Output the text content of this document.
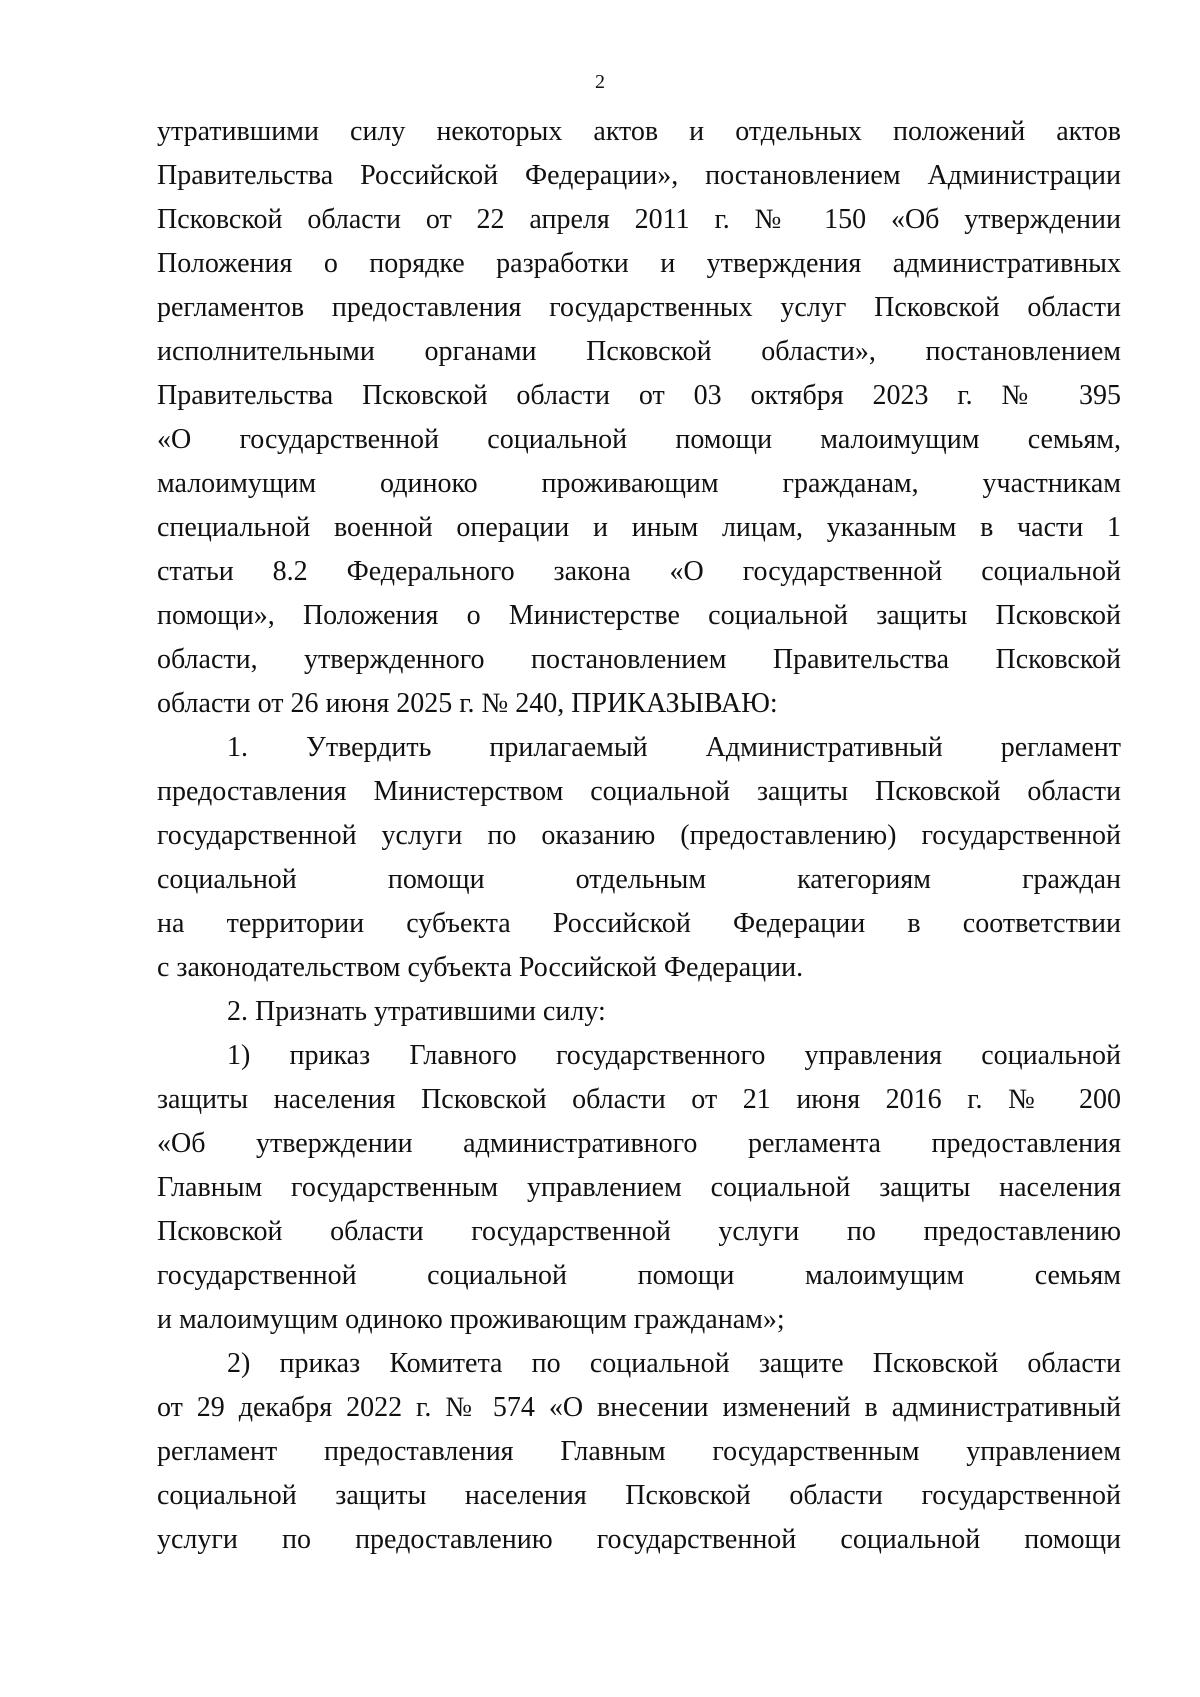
2
утратившими силу некоторых актов и отдельных положений актов
Правительства Российской Федерации», постановлением Администрации
Псковской области от 22 апреля 2011 г. № 150 «Об утверждении
Положения о порядке разработки и утверждения административных
регламентов предоставления государственных услуг Псковской области
исполнительными органами Псковской области», постановлением
Правительства Псковской области от 03 октября 2023 г. № 395
«О государственной социальной помощи малоимущим семьям,
малоимущим одиноко проживающим гражданам, участникам
специальной военной операции и иным лицам, указанным в части 1
статьи 8.2 Федерального закона «О государственной социальной
помощи», Положения о Министерстве социальной защиты Псковской
области, утвержденного постановлением Правительства Псковской
области от 26 июня 2025 г. № 240, ПРИКАЗЫВАЮ:
1. Утвердить прилагаемый Административный регламент
предоставления Министерством социальной защиты Псковской области
государственной услуги по оказанию (предоставлению) государственной
социальной помощи отдельным категориям граждан
на территории субъекта Российской Федерации в соответствии
с законодательством субъекта Российской Федерации.
2. Признать утратившими силу:
1) приказ Главного государственного управления социальной
защиты населения Псковской области от 21 июня 2016 г. № 200
«Об утверждении административного регламента предоставления
Главным государственным управлением социальной защиты населения
Псковской области государственной услуги по предоставлению
государственной социальной помощи малоимущим семьям
и малоимущим одиноко проживающим гражданам»;
2) приказ Комитета по социальной защите Псковской области
от 29 декабря 2022 г. № 574 «О внесении изменений в административный
регламент предоставления Главным государственным управлением
социальной защиты населения Псковской области государственной
услуги по предоставлению государственной социальной помощи
